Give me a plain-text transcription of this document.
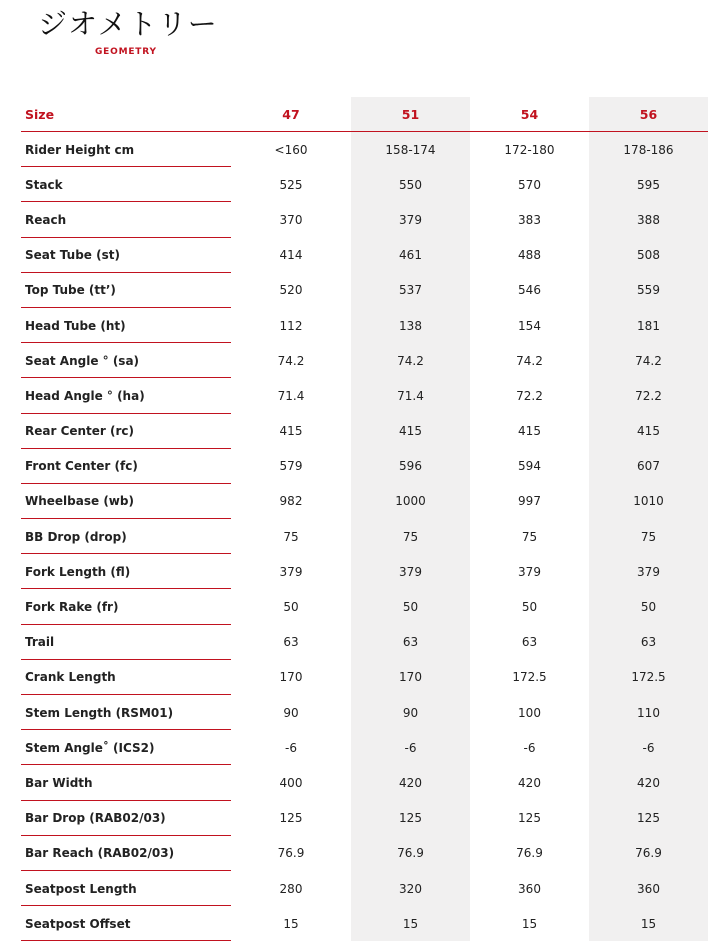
ジオメトリー
GEOMETRY
Size	47	51	54	56
Rider Height cm	<160	158-174	172-180	178-186
Stack	525	550	570	595
Reach	370	379	383	388
Seat Tube (st)	414	461	488	508
Top Tube (tt’)	520	537	546	559
Head Tube (ht)	112	138	154	181
Seat Angle ° (sa)	74.2	74.2	74.2	74.2
Head Angle ° (ha)	71.4	71.4	72.2	72.2
Rear Center (rc)	415	415	415	415
Front Center (fc)	579	596	594	607
Wheelbase (wb)	982	1000	997	1010
BB Drop (drop)	75	75	75	75
Fork Length (fl)	379	379	379	379
Fork Rake (fr)	50	50	50	50
Trail	63	63	63	63
Crank Length	170	170	172.5	172.5
Stem Length (RSM01)	90	90	100	110
Stem Angle˚ (ICS2)	-6	-6	-6	-6
Bar Width	400	420	420	420
Bar Drop (RAB02/03)	125	125	125	125
Bar Reach (RAB02/03)	76.9	76.9	76.9	76.9
Seatpost Length	280	320	360	360
Seatpost Offset	15	15	15	15
